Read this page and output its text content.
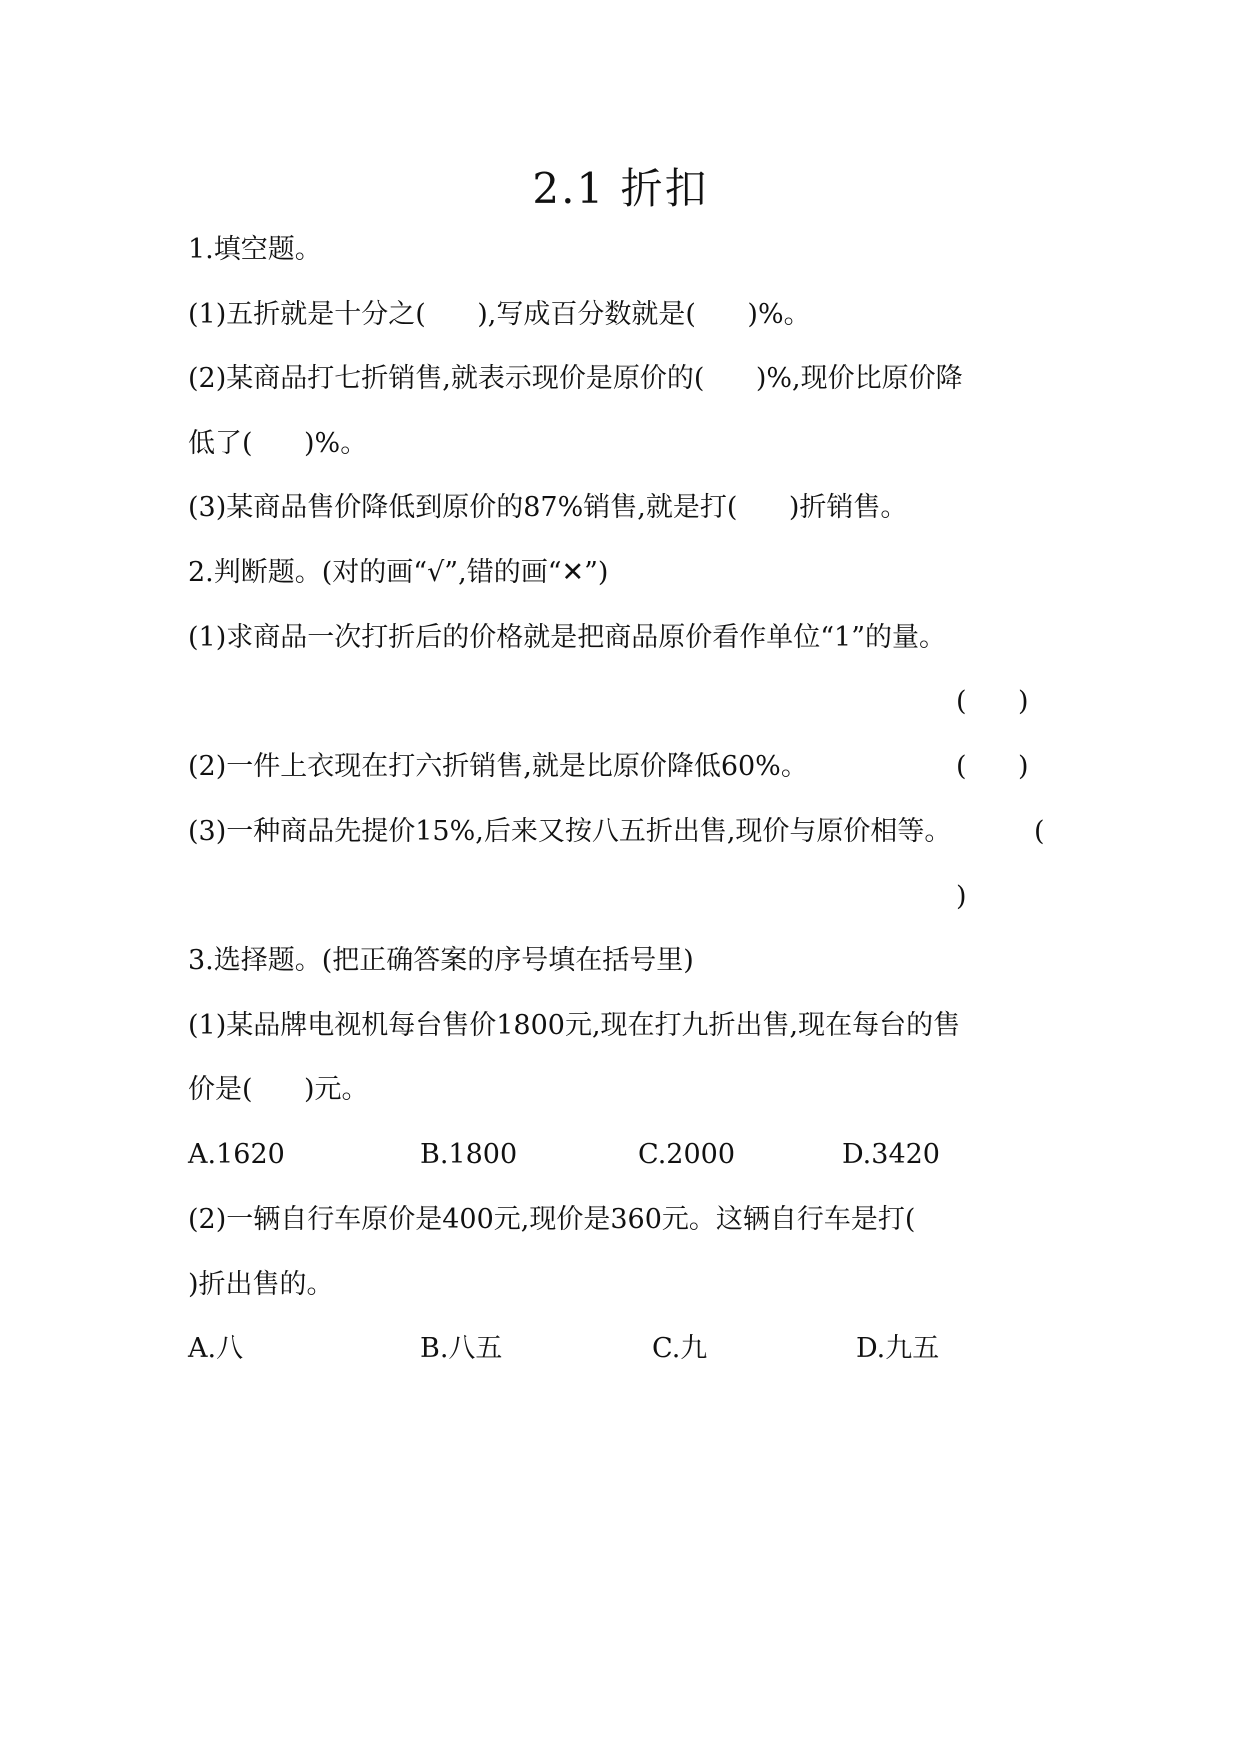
2.1 折扣
1.填空题。
(1)五折就是十分之(      ),写成百分数就是(      )%。
(2)某商品打七折销售,就表示现价是原价的(      )%,现价比原价降
低了(      )%。
(3)某商品售价降低到原价的87%销售,就是打(      )折销售。
2.判断题。(对的画“√”,错的画“✕”)
(1)求商品一次打折后的价格就是把商品原价看作单位“1”的量。
(      )
(2)一件上衣现在打六折销售,就是比原价降低60%。	(      )
(3)一种商品先提价15%,后来又按八五折出售,现价与原价相等。	(
)
3.选择题。(把正确答案的序号填在括号里)
(1)某品牌电视机每台售价1800元,现在打九折出售,现在每台的售
价是(      )元。
A.1620	B.1800	C.2000	D.3420
(2)一辆自行车原价是400元,现价是360元。这辆自行车是打(
)折出售的。
A.八	B.八五	C.九	D.九五
